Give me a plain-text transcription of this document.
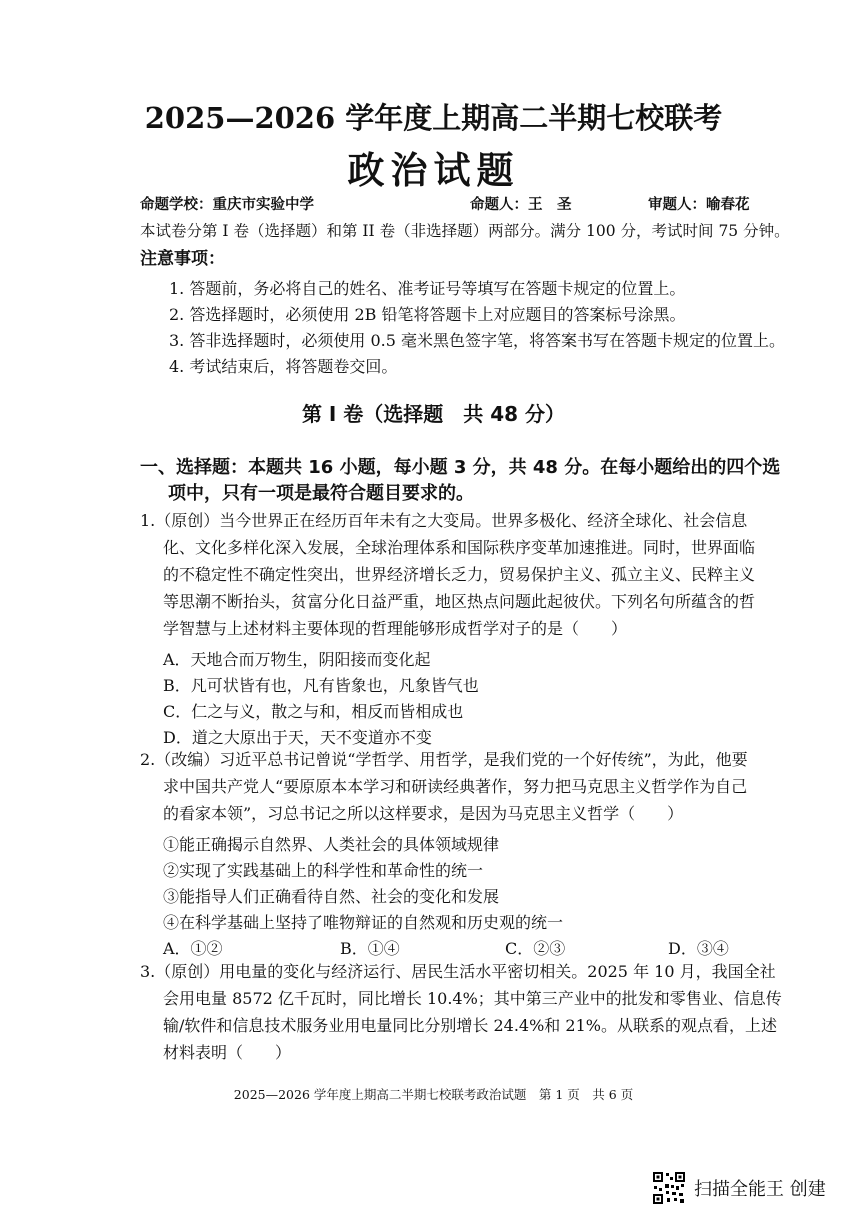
2025—2026 学年度上期高二半期七校联考
政治试题
命题学校：重庆市实验中学	命题人：王　圣	审题人：喻春花
本试卷分第 I 卷（选择题）和第 II 卷（非选择题）两部分。满分 100 分，考试时间 75 分钟。
注意事项：
1. 答题前，务必将自己的姓名、准考证号等填写在答题卡规定的位置上。
2. 答选择题时，必须使用 2B 铅笔将答题卡上对应题目的答案标号涂黑。
3. 答非选择题时，必须使用 0.5 毫米黑色签字笔，将答案书写在答题卡规定的位置上。
4. 考试结束后，将答题卷交回。
第 I 卷（选择题　共 48 分）
一、选择题：本题共 16 小题，每小题 3 分，共 48 分。在每小题给出的四个选
项中，只有一项是最符合题目要求的。
1.（原创）当今世界正在经历百年未有之大变局。世界多极化、经济全球化、社会信息
化、文化多样化深入发展，全球治理体系和国际秩序变革加速推进。同时，世界面临
的不稳定性不确定性突出，世界经济增长乏力，贸易保护主义、孤立主义、民粹主义
等思潮不断抬头，贫富分化日益严重，地区热点问题此起彼伏。下列名句所蕴含的哲
学智慧与上述材料主要体现的哲理能够形成哲学对子的是（　　）
A．天地合而万物生，阴阳接而变化起
B．凡可状皆有也，凡有皆象也，凡象皆气也
C．仁之与义，散之与和，相反而皆相成也
D．道之大原出于天，天不变道亦不变
2.（改编）习近平总书记曾说“学哲学、用哲学，是我们党的一个好传统”，为此，他要
求中国共产党人“要原原本本学习和研读经典著作，努力把马克思主义哲学作为自己
的看家本领”，习总书记之所以这样要求，是因为马克思主义哲学（　　）
①能正确揭示自然界、人类社会的具体领域规律
②实现了实践基础上的科学性和革命性的统一
③能指导人们正确看待自然、社会的变化和发展
④在科学基础上坚持了唯物辩证的自然观和历史观的统一
A．①②	B．①④	C．②③	D．③④
3.（原创）用电量的变化与经济运行、居民生活水平密切相关。2025 年 10 月，我国全社
会用电量 8572 亿千瓦时，同比增长 10.4%；其中第三产业中的批发和零售业、信息传
输/软件和信息技术服务业用电量同比分别增长 24.4%和 21%。从联系的观点看，上述
材料表明（　　）
2025—2026 学年度上期高二半期七校联考政治试题　第 1 页　共 6 页
扫描全能王 创建
